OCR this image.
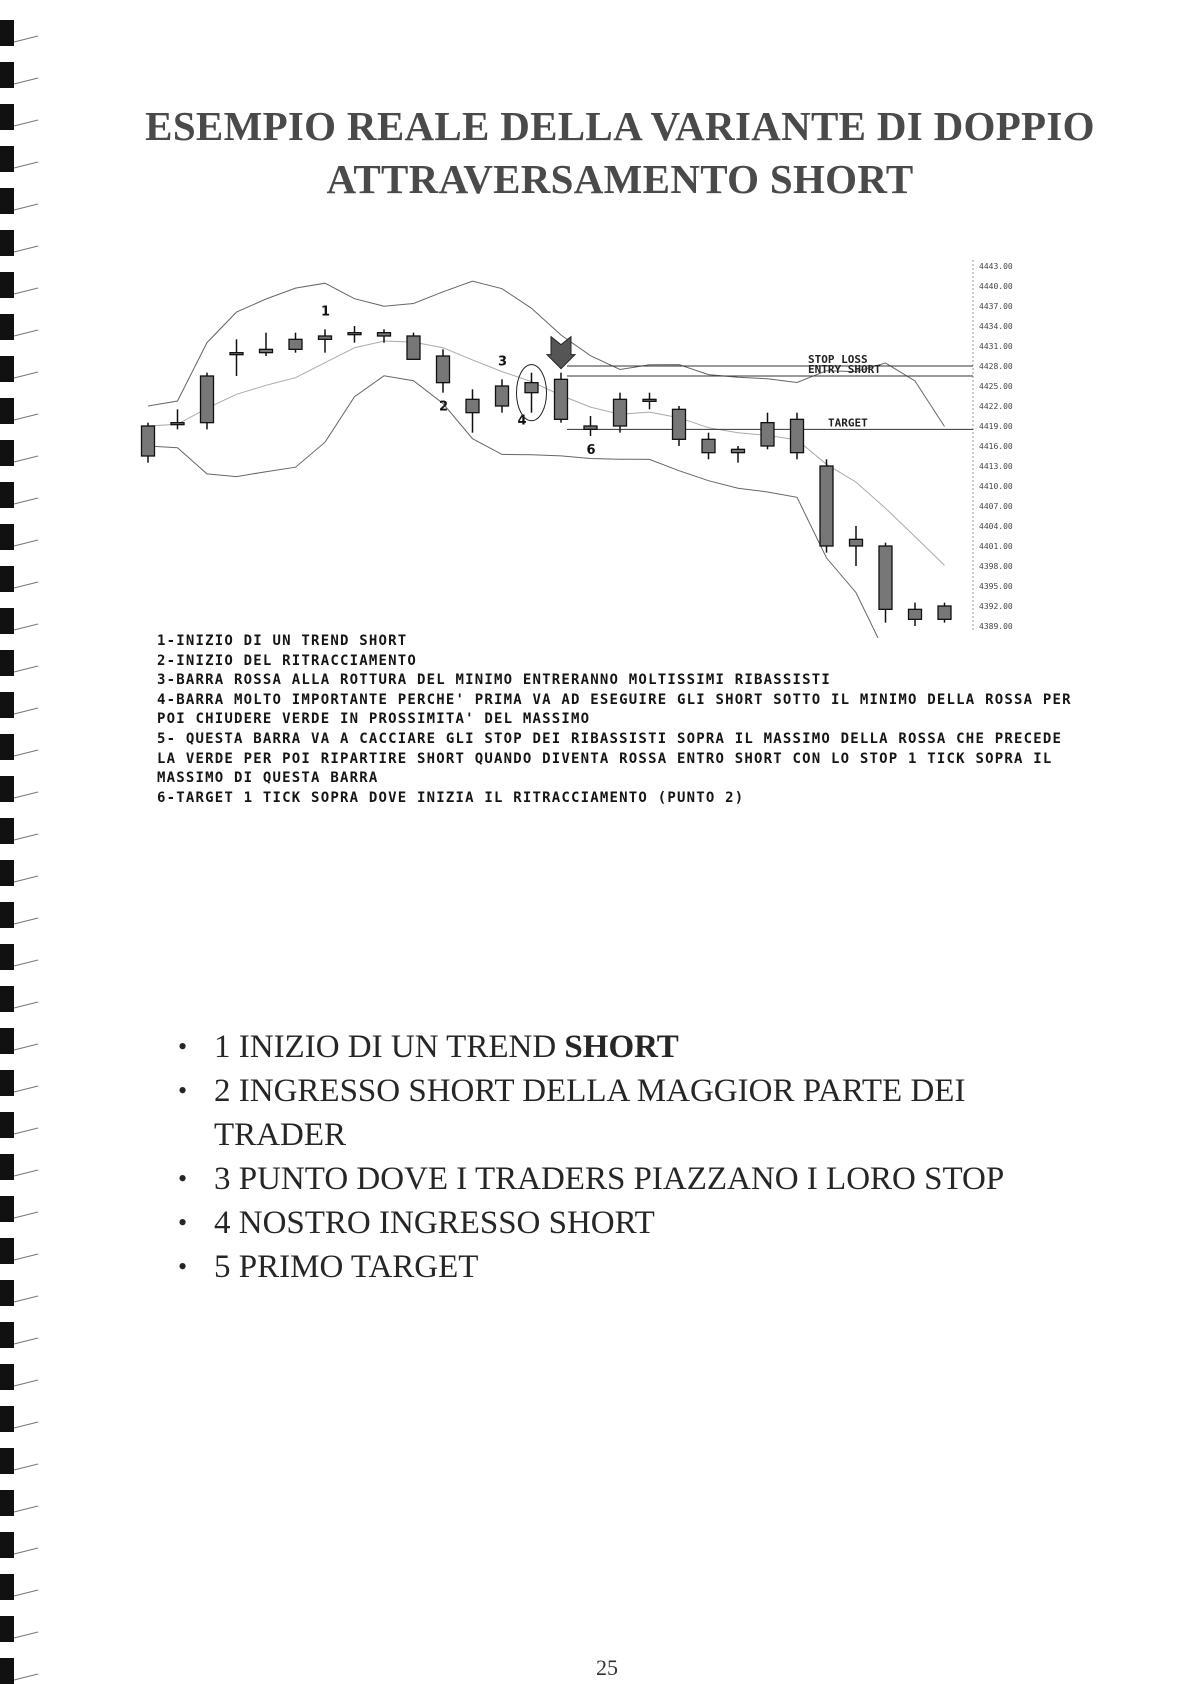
ESEMPIO REALE DELLA VARIANTE DI DOPPIO
ATTRAVERSAMENTO SHORT
4443.00
4440.00
4437.00
4434.00
4431.00
4428.00
4425.00
4422.00
4419.00
4416.00
4413.00
4410.00
4407.00
4404.00
4401.00
4398.00
4395.00
4392.00
4389.00
STOP LOSS
ENTRY SHORT
TARGET
1
2
3
4
6

1-INIZIO DI UN TREND SHORT

2-INIZIO DEL RITRACCIAMENTO

3-BARRA ROSSA ALLA ROTTURA DEL MINIMO ENTRERANNO MOLTISSIMI RIBASSISTI

4-BARRA MOLTO IMPORTANTE PERCHE' PRIMA VA AD ESEGUIRE GLI SHORT SOTTO IL MINIMO DELLA ROSSA PER POI CHIUDERE VERDE IN PROSSIMITA' DEL MASSIMO

5- QUESTA BARRA VA A CACCIARE GLI STOP DEI RIBASSISTI SOPRA IL MASSIMO DELLA ROSSA CHE PRECEDE LA VERDE PER POI RIPARTIRE SHORT QUANDO DIVENTA ROSSA ENTRO SHORT CON LO STOP 1 TICK SOPRA IL MASSIMO DI QUESTA BARRA

6-TARGET 1 TICK SOPRA DOVE INIZIA IL RITRACCIAMENTO (PUNTO 2)

• 1 INIZIO DI UN TREND SHORT
• 2 INGRESSO SHORT DELLA MAGGIOR PARTE DEI TRADER
• 3 PUNTO DOVE I TRADERS PIAZZANO I LORO STOP
• 4 NOSTRO INGRESSO SHORT
• 5 PRIMO TARGET
25
